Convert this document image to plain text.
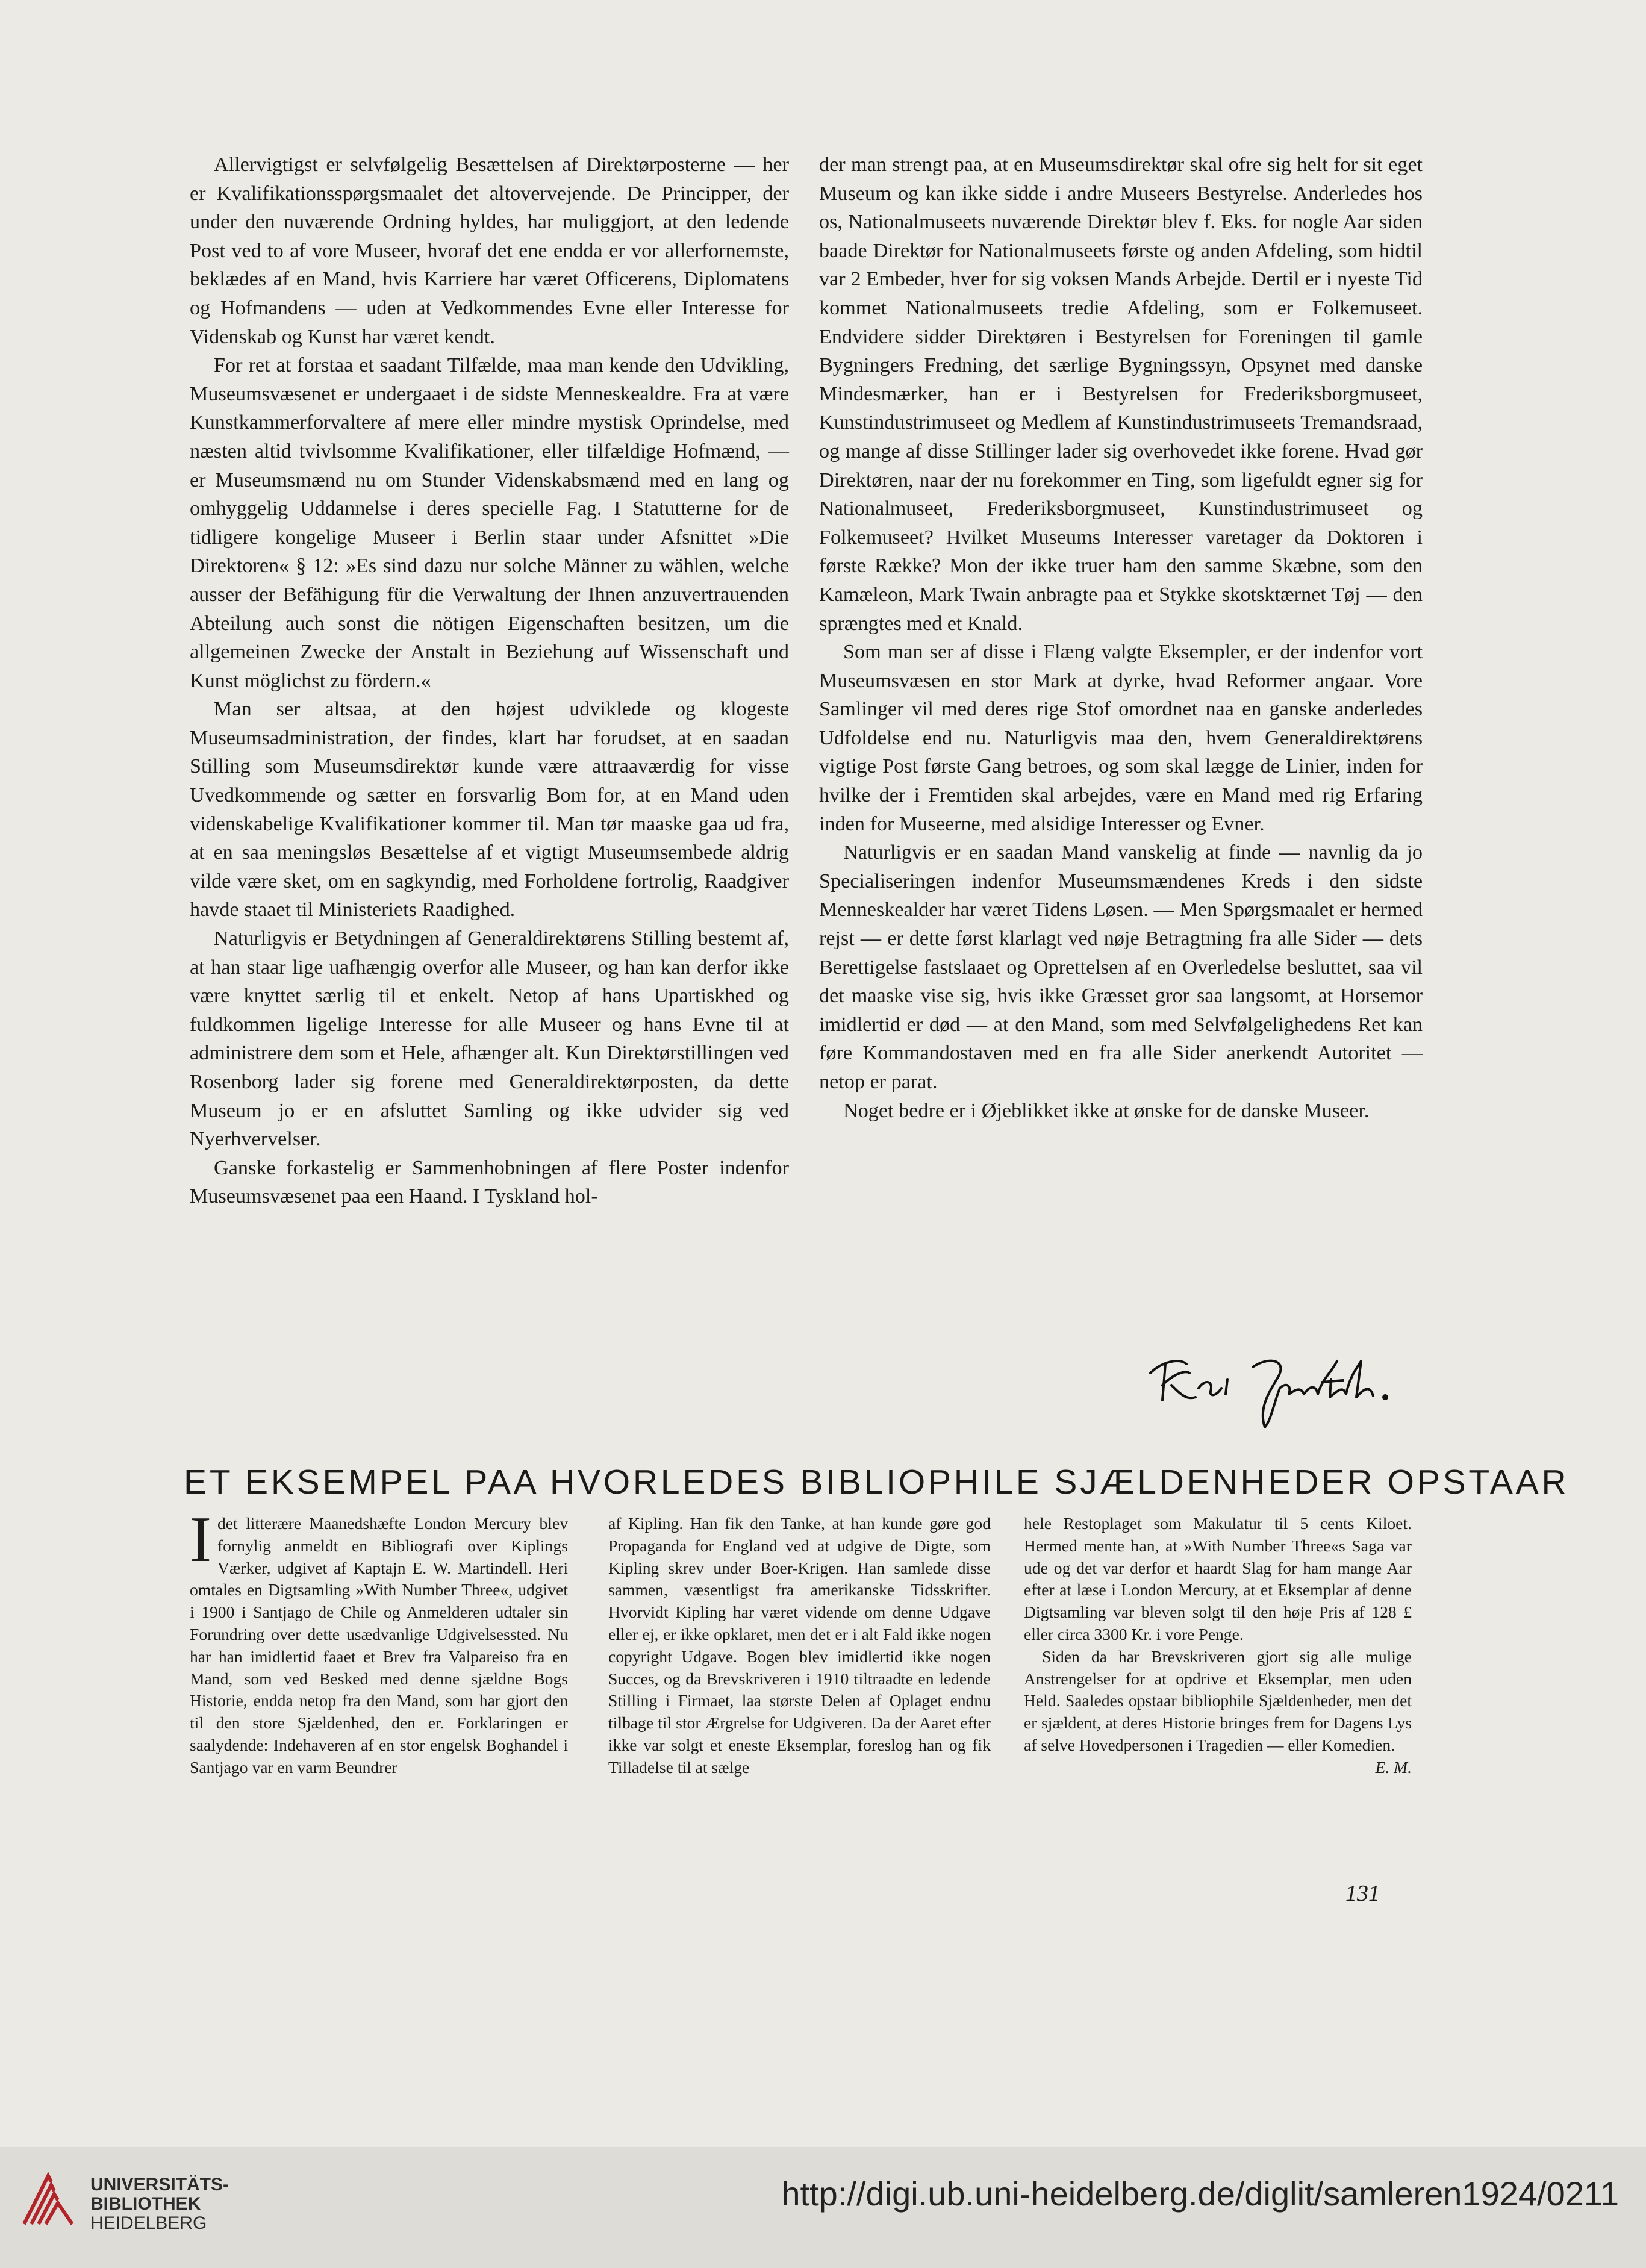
Allervigtigst er selvfølgelig Besættelsen af Direktørposterne — her er Kvalifikationsspørgsmaalet det altovervejende. De Principper, der under den nuværende Ordning hyldes, har muliggjort, at den ledende Post ved to af vore Museer, hvoraf det ene endda er vor allerfornemste, beklædes af en Mand, hvis Karriere har været Officerens, Diplomatens og Hofmandens — uden at Vedkommendes Evne eller Interesse for Videnskab og Kunst har været kendt.

For ret at forstaa et saadant Tilfælde, maa man kende den Udvikling, Museumsvæsenet er undergaaet i de sidste Menneskealdre. Fra at være Kunstkammerforvaltere af mere eller mindre mystisk Oprindelse, med næsten altid tvivlsomme Kvalifikationer, eller tilfældige Hofmænd, — er Museumsmænd nu om Stunder Videnskabsmænd med en lang og omhyggelig Uddannelse i deres specielle Fag. I Statutterne for de tidligere kongelige Museer i Berlin staar under Afsnittet »Die Direktoren« § 12: »Es sind dazu nur solche Männer zu wählen, welche ausser der Befähigung für die Verwaltung der Ihnen anzuvertrauenden Abteilung auch sonst die nötigen Eigenschaften besitzen, um die allgemeinen Zwecke der Anstalt in Beziehung auf Wissenschaft und Kunst möglichst zu fördern.«

Man ser altsaa, at den højest udviklede og klogeste Museumsadministration, der findes, klart har forudset, at en saadan Stilling som Museumsdirektør kunde være attraaværdig for visse Uvedkommende og sætter en forsvarlig Bom for, at en Mand uden videnskabelige Kvalifikationer kommer til. Man tør maaske gaa ud fra, at en saa meningsløs Besættelse af et vigtigt Museumsembede aldrig vilde være sket, om en sagkyndig, med Forholdene fortrolig, Raadgiver havde staaet til Ministeriets Raadighed.

Naturligvis er Betydningen af Generaldirektørens Stilling bestemt af, at han staar lige uafhængig overfor alle Museer, og han kan derfor ikke være knyttet særlig til et enkelt. Netop af hans Upartiskhed og fuldkommen ligelige Interesse for alle Museer og hans Evne til at administrere dem som et Hele, afhænger alt. Kun Direktørstillingen ved Rosenborg lader sig forene med Generaldirektørposten, da dette Museum jo er en afsluttet Samling og ikke udvider sig ved Nyerhvervelser.

Ganske forkastelig er Sammenhobningen af flere Poster indenfor Museumsvæsenet paa een Haand. I Tyskland hol-

der man strengt paa, at en Museumsdirektør skal ofre sig helt for sit eget Museum og kan ikke sidde i andre Museers Bestyrelse. Anderledes hos os, Nationalmuseets nuværende Direktør blev f. Eks. for nogle Aar siden baade Direktør for Nationalmuseets første og anden Afdeling, som hidtil var 2 Embeder, hver for sig voksen Mands Arbejde. Dertil er i nyeste Tid kommet Nationalmuseets tredie Afdeling, som er Folkemuseet. Endvidere sidder Direktøren i Bestyrelsen for Foreningen til gamle Bygningers Fredning, det særlige Bygningssyn, Opsynet med danske Mindesmærker, han er i Bestyrelsen for Frederiksborgmuseet, Kunstindustrimuseet og Medlem af Kunstindustrimuseets Tremandsraad, og mange af disse Stillinger lader sig overhovedet ikke forene. Hvad gør Direktøren, naar der nu forekommer en Ting, som ligefuldt egner sig for Nationalmuseet, Frederiksborgmuseet, Kunstindustrimuseet og Folkemuseet? Hvilket Museums Interesser varetager da Doktoren i første Række? Mon der ikke truer ham den samme Skæbne, som den Kamæleon, Mark Twain anbragte paa et Stykke skotsktærnet Tøj — den sprængtes med et Knald.

Som man ser af disse i Flæng valgte Eksempler, er der indenfor vort Museumsvæsen en stor Mark at dyrke, hvad Reformer angaar. Vore Samlinger vil med deres rige Stof omordnet naa en ganske anderledes Udfoldelse end nu. Naturligvis maa den, hvem Generaldirektørens vigtige Post første Gang betroes, og som skal lægge de Linier, inden for hvilke der i Fremtiden skal arbejdes, være en Mand med rig Erfaring inden for Museerne, med alsidige Interesser og Evner.

Naturligvis er en saadan Mand vanskelig at finde — navnlig da jo Specialiseringen indenfor Museumsmændenes Kreds i den sidste Menneskealder har været Tidens Løsen. — Men Spørgsmaalet er hermed rejst — er dette først klarlagt ved nøje Betragtning fra alle Sider — dets Berettigelse fastslaaet og Oprettelsen af en Overledelse besluttet, saa vil det maaske vise sig, hvis ikke Græsset gror saa langsomt, at Horsemor imidlertid er død — at den Mand, som med Selvfølgelighedens Ret kan føre Kommandostaven med en fra alle Sider anerkendt Autoritet — netop er parat.

Noget bedre er i Øjeblikket ikke at ønske for de danske Museer.

ET EKSEMPEL PAA HVORLEDES BIBLIOPHILE SJÆLDENHEDER OPSTAAR

Idet litterære Maanedshæfte London Mercury blev fornylig anmeldt en Bibliografi over Kiplings Værker, udgivet af Kaptajn E. W. Martindell. Heri omtales en Digtsamling »With Number Three«, udgivet i 1900 i Santjago de Chile og Anmelderen udtaler sin Forundring over dette usædvanlige Udgivelsessted. Nu har han imidlertid faaet et Brev fra Valpareiso fra en Mand, som ved Besked med denne sjældne Bogs Historie, endda netop fra den Mand, som har gjort den til den store Sjældenhed, den er. Forklaringen er saalydende: Indehaveren af en stor engelsk Boghandel i Santjago var en varm Beundrer

af Kipling. Han fik den Tanke, at han kunde gøre god Propaganda for England ved at udgive de Digte, som Kipling skrev under Boer-Krigen. Han samlede disse sammen, væsentligst fra amerikanske Tidsskrifter. Hvorvidt Kipling har været vidende om denne Udgave eller ej, er ikke opklaret, men det er i alt Fald ikke nogen copyright Udgave. Bogen blev imidlertid ikke nogen Succes, og da Brevskriveren i 1910 tiltraadte en ledende Stilling i Firmaet, laa største Delen af Oplaget endnu tilbage til stor Ærgrelse for Udgiveren. Da der Aaret efter ikke var solgt et eneste Eksemplar, foreslog han og fik Tilladelse til at sælge

hele Restoplaget som Makulatur til 5 cents Kiloet. Hermed mente han, at »With Number Three«s Saga var ude og det var derfor et haardt Slag for ham mange Aar efter at læse i London Mercury, at et Eksemplar af denne Digtsamling var bleven solgt til den høje Pris af 128 £ eller circa 3300 Kr. i vore Penge.

Siden da har Brevskriveren gjort sig alle mulige Anstrengelser for at opdrive et Eksemplar, men uden Held. Saaledes opstaar bibliophile Sjældenheder, men det er sjældent, at deres Historie bringes frem for Dagens Lys af selve Hovedpersonen i Tragedien — eller Komedien.
E. M.

131
UNIVERSITÄTS-
BIBLIOTHEK
HEIDELBERG
http://digi.ub.uni-heidelberg.de/diglit/samleren1924/0211
